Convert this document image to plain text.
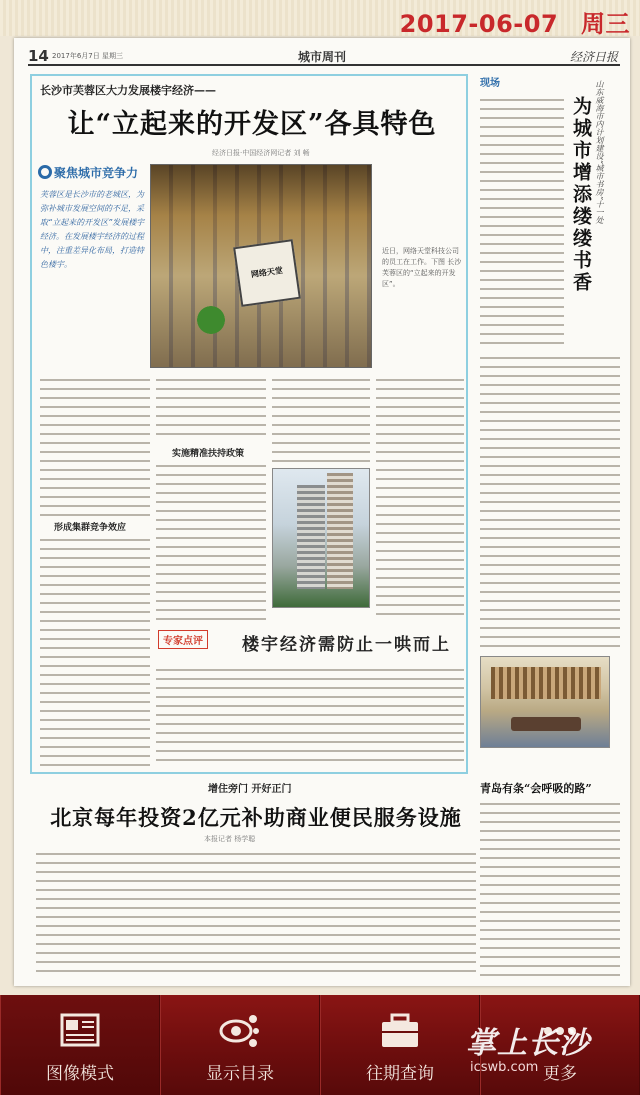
2017-06-07 周三
14 2017年6月7日 星期三	城市周刊	经济日报
长沙市芙蓉区大力发展楼宇经济——
让“立起来的开发区”各具特色
经济日报·中国经济网记者 刘 畅
聚焦城市竞争力
芙蓉区是长沙市的老城区，为弥补城市发展空间的不足，采取“立起来的开发区”发展楼宇经济。在发展楼宇经济的过程中，注重差异化布局，打造特色楼宇。
网络天堂
近日，网络天堂科技公司的员工在工作。下图 长沙芙蓉区的“立起来的开发区”。
形成集群竞争效应
实施精准扶持政策
专家点评 楼宇经济需防止一哄而上
现场	山东威海市内计划建设“城市书房”十一处
为城市增添缕缕书香
青岛有条“会呼吸的路”
增住旁门 开好正门
北京每年投资2亿元补助商业便民服务设施
本报记者 杨学聪
图像模式	显示目录	往期查询	更多
掌上长沙
icswb.com
